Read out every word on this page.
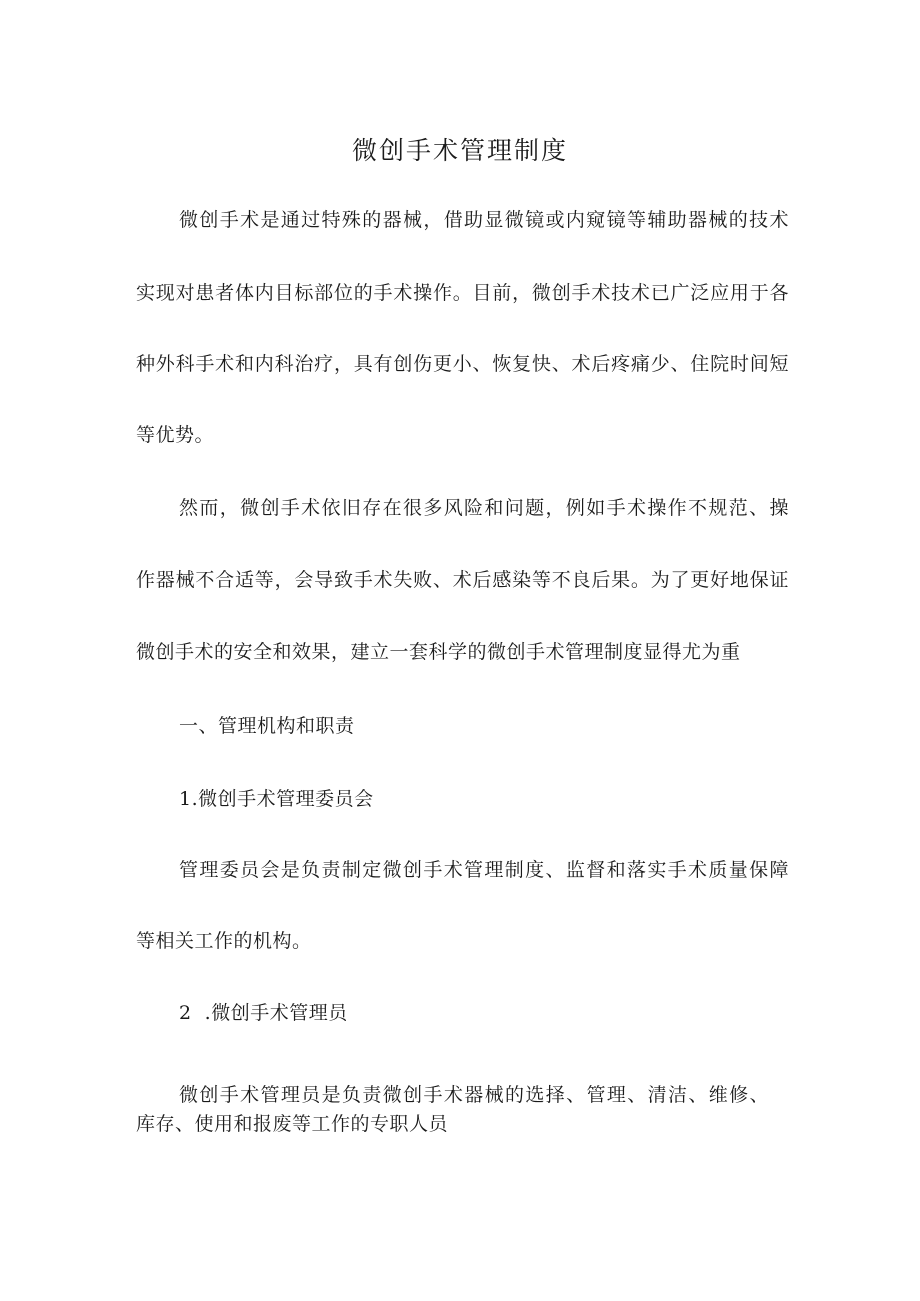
微创手术管理制度
微创手术是通过特殊的器械，借助显微镜或内窥镜等辅助器械的技术
实现对患者体内目标部位的手术操作。目前，微创手术技术已广泛应用于各
种外科手术和内科治疗，具有创伤更小、恢复快、术后疼痛少、住院时间短
等优势。
然而，微创手术依旧存在很多风险和问题，例如手术操作不规范、操
作器械不合适等，会导致手术失败、术后感染等不良后果。为了更好地保证
微创手术的安全和效果，建立一套科学的微创手术管理制度显得尤为重
一、管理机构和职责
1.微创手术管理委员会
管理委员会是负责制定微创手术管理制度、监督和落实手术质量保障
等相关工作的机构。
2  .微创手术管理员
微创手术管理员是负责微创手术器械的选择、管理、清洁、维修、
库存、使用和报废等工作的专职人员
